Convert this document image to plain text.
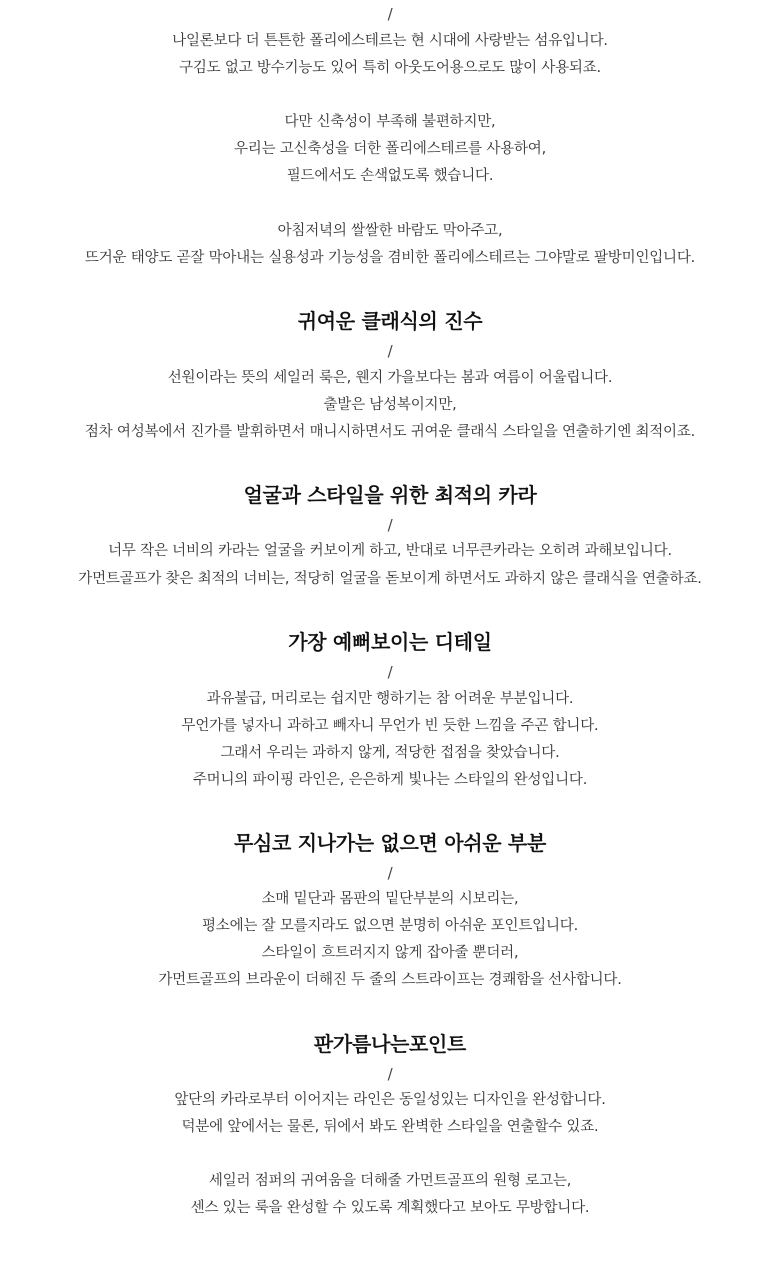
/
나일론보다 더 튼튼한 폴리에스테르는 현 시대에 사랑받는 섬유입니다.
구김도 없고 방수기능도 있어 특히 아웃도어용으로도 많이 사용되죠.
다만 신축성이 부족해 불편하지만,
우리는 고신축성을 더한 폴리에스테르를 사용하여,
필드에서도 손색없도록 했습니다.
아침저녁의 쌀쌀한 바람도 막아주고,
뜨거운 태양도 곧잘 막아내는 실용성과 기능성을 겸비한 폴리에스테르는 그야말로 팔방미인입니다.
귀여운 클래식의 진수
/
선원이라는 뜻의 세일러 룩은, 웬지 가을보다는 봄과 여름이 어울립니다.
출발은 남성복이지만,
점차 여성복에서 진가를 발휘하면서 매니시하면서도 귀여운 클래식 스타일을 연출하기엔 최적이죠.
얼굴과 스타일을 위한 최적의 카라
/
너무 작은 너비의 카라는 얼굴을 커보이게 하고, 반대로 너무큰카라는 오히려 과해보입니다.
가먼트골프가 찾은 최적의 너비는, 적당히 얼굴을 돋보이게 하면서도 과하지 않은 클래식을 연출하죠.
가장 예뻐보이는 디테일
/
과유불급, 머리로는 쉽지만 행하기는 참 어려운 부분입니다.
무언가를 넣자니 과하고 빼자니 무언가 빈 듯한 느낌을 주곤 합니다.
그래서 우리는 과하지 않게, 적당한 접점을 찾았습니다.
주머니의 파이핑 라인은, 은은하게 빛나는 스타일의 완성입니다.
무심코 지나가는 없으면 아쉬운 부분
/
소매 밑단과 몸판의 밑단부분의 시보리는,
평소에는 잘 모를지라도 없으면 분명히 아쉬운 포인트입니다.
스타일이 흐트러지지 않게 잡아줄 뿐더러,
가먼트골프의 브라운이 더해진 두 줄의 스트라이프는 경쾌함을 선사합니다.
판가름나는포인트
/
앞단의 카라로부터 이어지는 라인은 동일성있는 디자인을 완성합니다.
덕분에 앞에서는 물론, 뒤에서 봐도 완벽한 스타일을 연출할수 있죠.
세일러 점퍼의 귀여움을 더해줄 가먼트골프의 원형 로고는,
센스 있는 룩을 완성할 수 있도록 계획했다고 보아도 무방합니다.
